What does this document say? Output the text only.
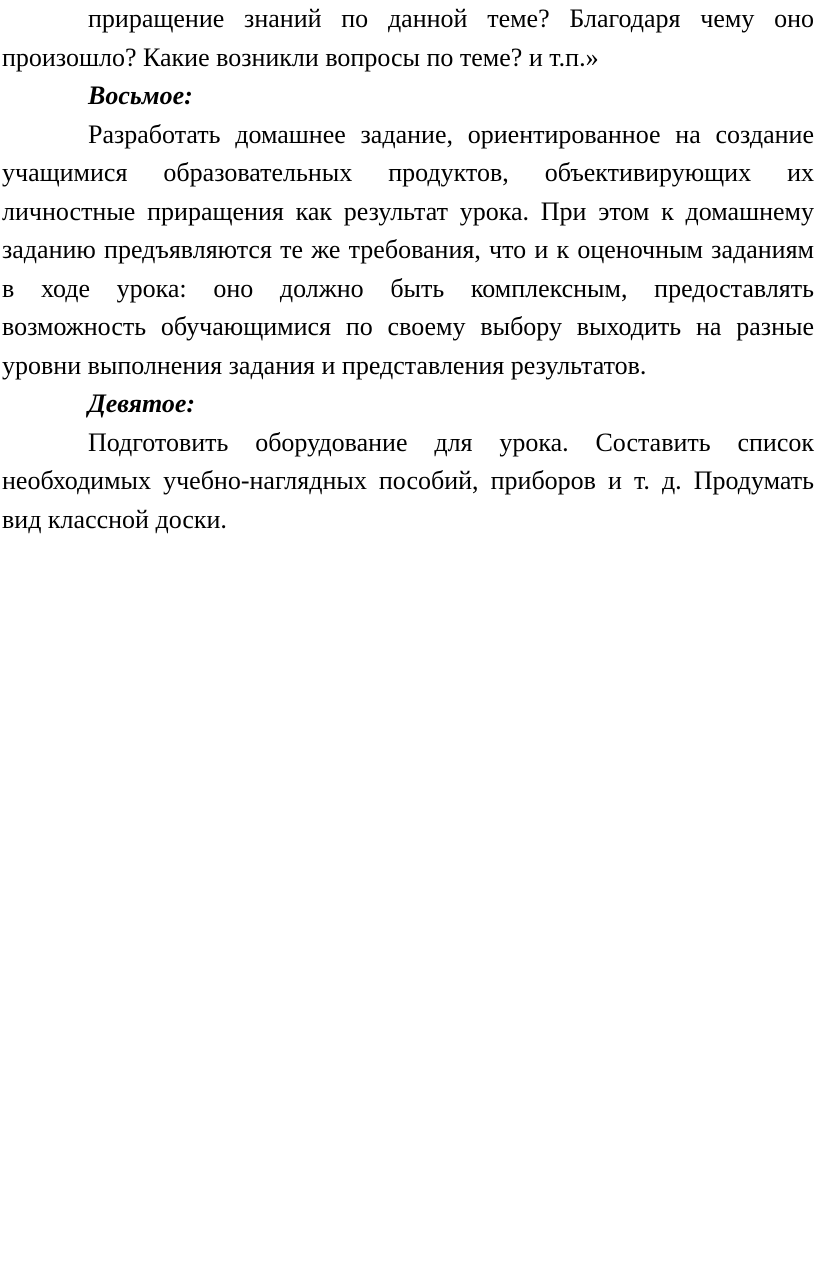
приращение знаний по данной теме? Благодаря чему оно произошло? Какие возникли вопросы по теме? и т.п.»

Восьмое:

Разработать домашнее задание, ориентированное на создание учащимися образовательных продуктов, объективирующих их личностные приращения как результат урока. При этом к домашнему заданию предъявляются те же требования, что и к оценочным заданиям в ходе урока: оно должно быть комплексным, предоставлять возможность обучающимися по своему выбору выходить на разные уровни выполнения задания и представления результатов.

Девятое:

Подготовить оборудование для урока. Составить список необходимых учебно-наглядных пособий, приборов и т. д. Продумать вид классной доски.
